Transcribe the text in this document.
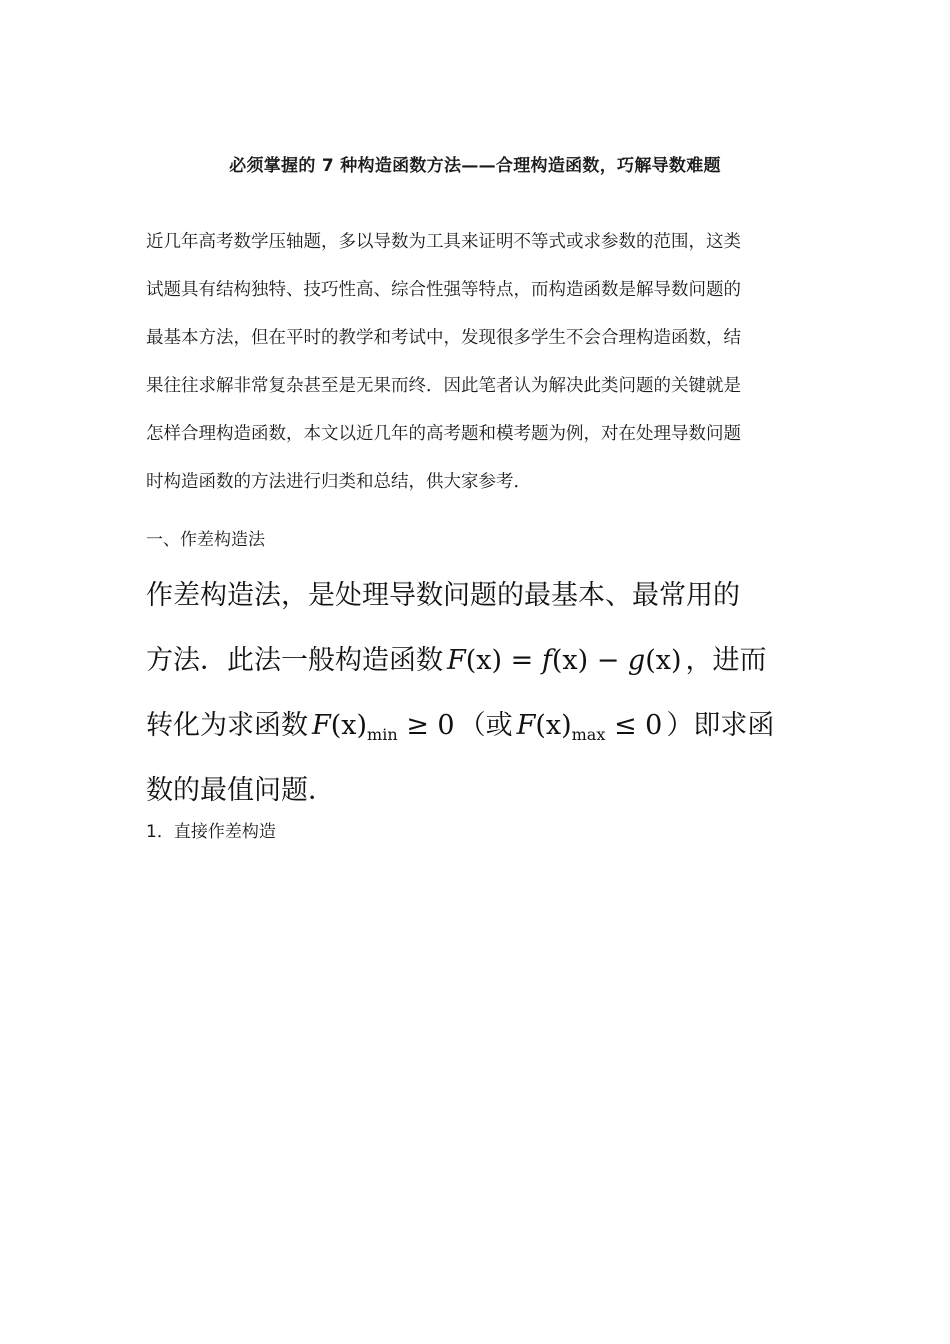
必须掌握的 7 种构造函数方法——合理构造函数，巧解导数难题
近几年高考数学压轴题，多以导数为工具来证明不等式或求参数的范围，这类
试题具有结构独特、技巧性高、综合性强等特点，而构造函数是解导数问题的
最基本方法，但在平时的教学和考试中，发现很多学生不会合理构造函数，结
果往往求解非常复杂甚至是无果而终．因此笔者认为解决此类问题的关键就是
怎样合理构造函数，本文以近几年的高考题和模考题为例，对在处理导数问题
时构造函数的方法进行归类和总结，供大家参考．
一、作差构造法
作差构造法，是处理导数问题的最基本、最常用的
方法．此法一般构造函数 F(x) = f(x) − g(x) ，进而
转化为求函数 $F(x)_{min} \ge 0$ （或 $F(x)_{max} \le 0$ ）即求函
数的最值问题．
1．直接作差构造
